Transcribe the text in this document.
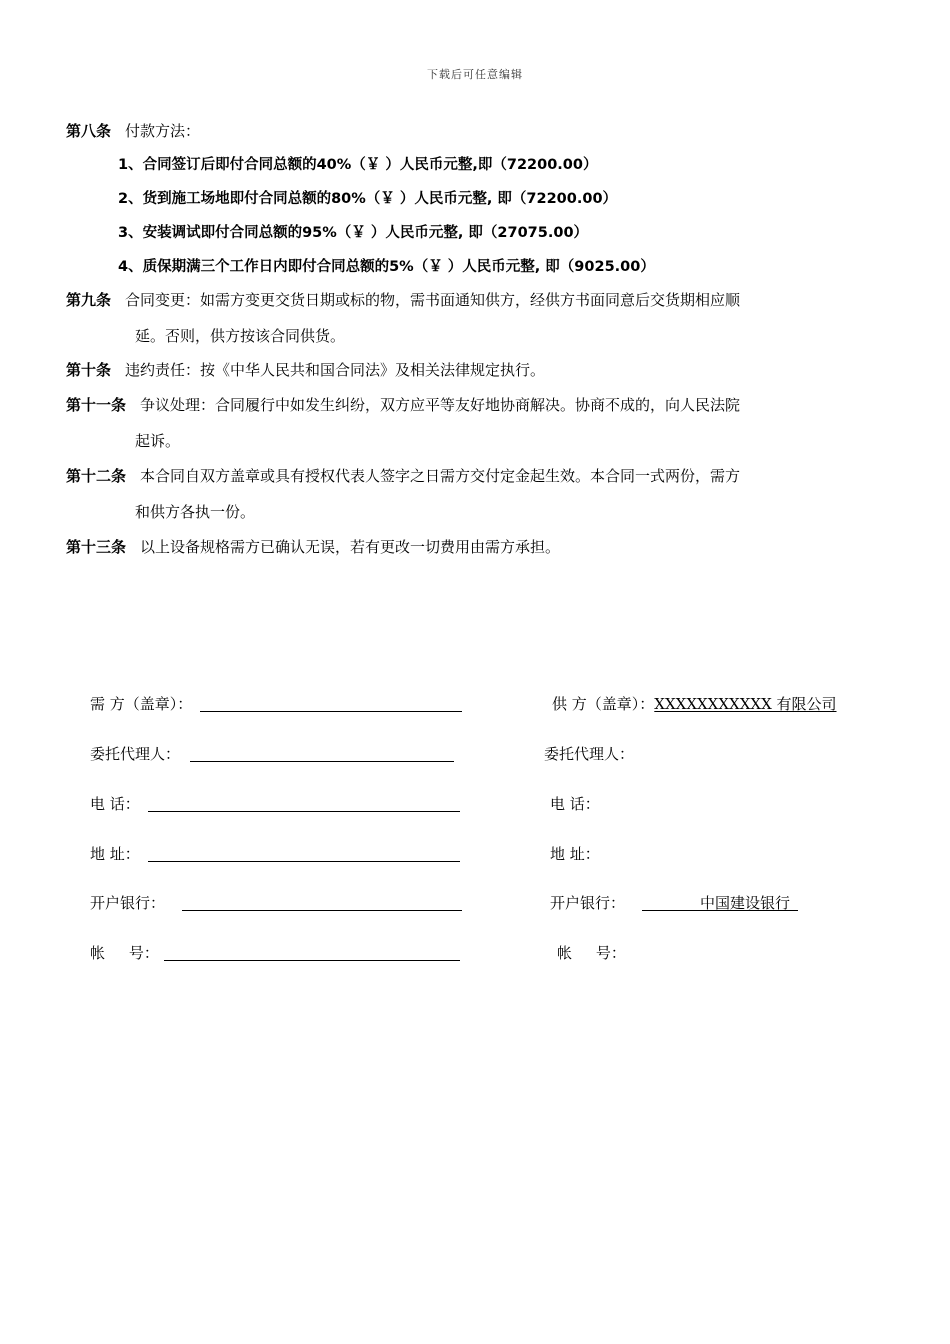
下载后可任意编辑
第八条 付款方法：
1、合同签订后即付合同总额的40%（￥ ）人民币元整,即（72200.00）
2、货到施工场地即付合同总额的80%（￥ ）人民币元整, 即（72200.00）
3、安装调试即付合同总额的95%（￥ ）人民币元整, 即（27075.00）
4、质保期满三个工作日内即付合同总额的5%（￥ ）人民币元整, 即（9025.00）
第九条 合同变更：如需方变更交货日期或标的物，需书面通知供方，经供方书面同意后交货期相应顺
延。否则，供方按该合同供货。
第十条 违约责任：按《中华人民共和国合同法》及相关法律规定执行。
第十一条 争议处理：合同履行中如发生纠纷，双方应平等友好地协商解决。协商不成的，向人民法院
起诉。
第十二条 本合同自双方盖章或具有授权代表人签字之日需方交付定金起生效。本合同一式两份，需方
和供方各执一份。
第十三条 以上设备规格需方已确认无误，若有更改一切费用由需方承担。
需 方（盖章）：
委托代理人：
电 话：
地 址：
开户银行：
帐     号：
供 方（盖章）：XXXXXXXXXXX 有限公司
委托代理人：
电 话：
地 址：
开户银行：	中国建设银行
帐     号：
